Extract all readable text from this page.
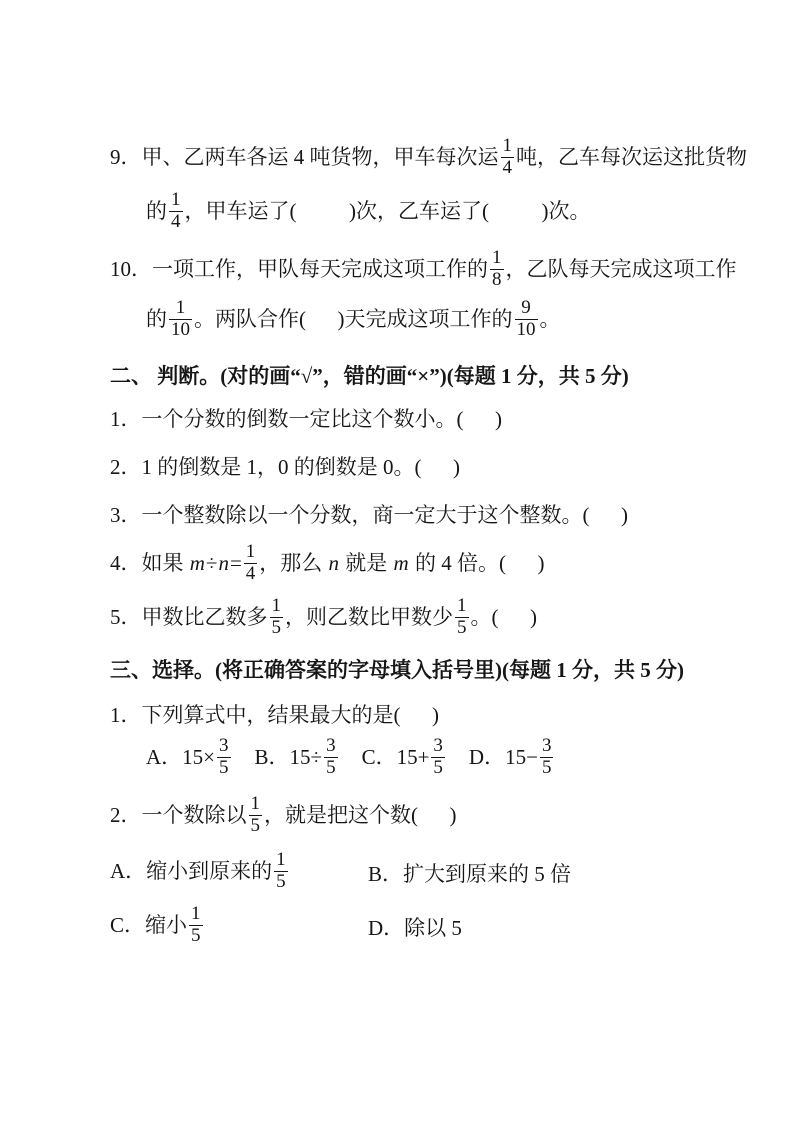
9．甲、乙两车各运 4 吨货物，甲车每次运 $\frac{1}{4}$ 吨，乙车每次运这批货物

的 $\frac{1}{4}$ ，甲车运了(          )次，乙车运了(          )次。

10．一项工作，甲队每天完成这项工作的 $\frac{1}{8}$ ，乙队每天完成这项工作

的 $\frac{1}{10}$ 。两队合作(      )天完成这项工作的 $\frac{9}{10}$ 。

二、 判断。(对的画“√”，错的画“×”)(每题 1 分，共 5 分)

1．一个分数的倒数一定比这个数小。(      )

2．1 的倒数是 1，0 的倒数是 0。(      )

3．一个整数除以一个分数，商一定大于这个整数。(      )

4．如果 $m\div n= \frac{1}{4}$ ，那么 n 就是 m 的 4 倍。(      )

5．甲数比乙数多 $\frac{1}{5}$ ，则乙数比甲数少 $\frac{1}{5}$ 。(      )

三、选择。(将正确答案的字母填入括号里)(每题 1 分，共 5 分)

1．下列算式中，结果最大的是(      )

A．$15\times \frac{3}{5}$ B．$15\div \frac{3}{5}$ C．$15+ \frac{3}{5}$ D．$15- \frac{3}{5}$

2．一个数除以 $\frac{1}{5}$ ，就是把这个数(      )

A．缩小到原来的 $\frac{1}{5}$	B．扩大到原来的 5 倍
C．缩小 $\frac{1}{5}$	D．除以 5
